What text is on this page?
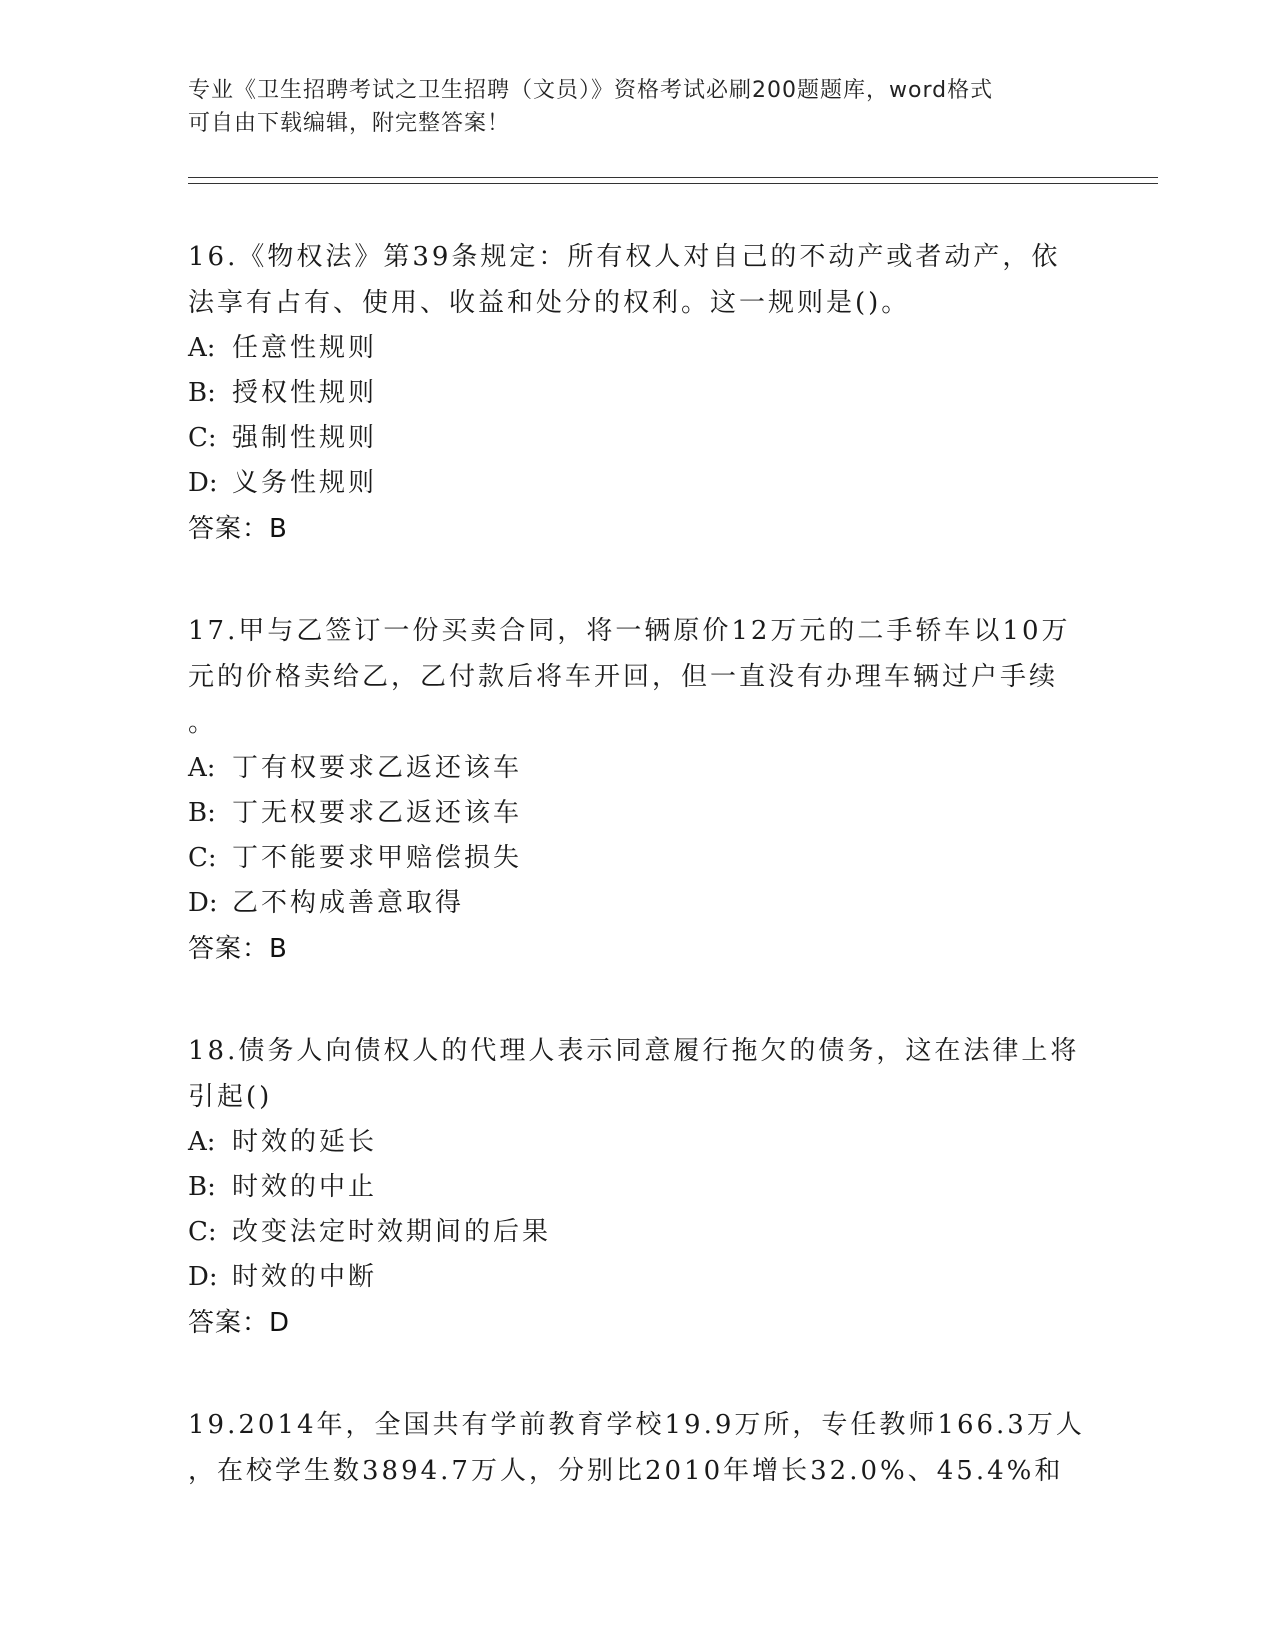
专业《卫生招聘考试之卫生招聘（文员）》资格考试必刷200题题库，word格式
可自由下载编辑，附完整答案！
16.《物权法》第39条规定：所有权人对自己的不动产或者动产，依
法享有占有、使用、收益和处分的权利。这一规则是()。
A: 任意性规则
B: 授权性规则
C: 强制性规则
D: 义务性规则
答案：B
17.甲与乙签订一份买卖合同，将一辆原价12万元的二手轿车以10万
元的价格卖给乙，乙付款后将车开回，但一直没有办理车辆过户手续
。
A: 丁有权要求乙返还该车
B: 丁无权要求乙返还该车
C: 丁不能要求甲赔偿损失
D: 乙不构成善意取得
答案：B
18.债务人向债权人的代理人表示同意履行拖欠的债务，这在法律上将
引起()
A: 时效的延长
B: 时效的中止
C: 改变法定时效期间的后果
D: 时效的中断
答案：D
19.2014年，全国共有学前教育学校19.9万所，专任教师166.3万人
，在校学生数3894.7万人，分别比2010年增长32.0%、45.4%和
